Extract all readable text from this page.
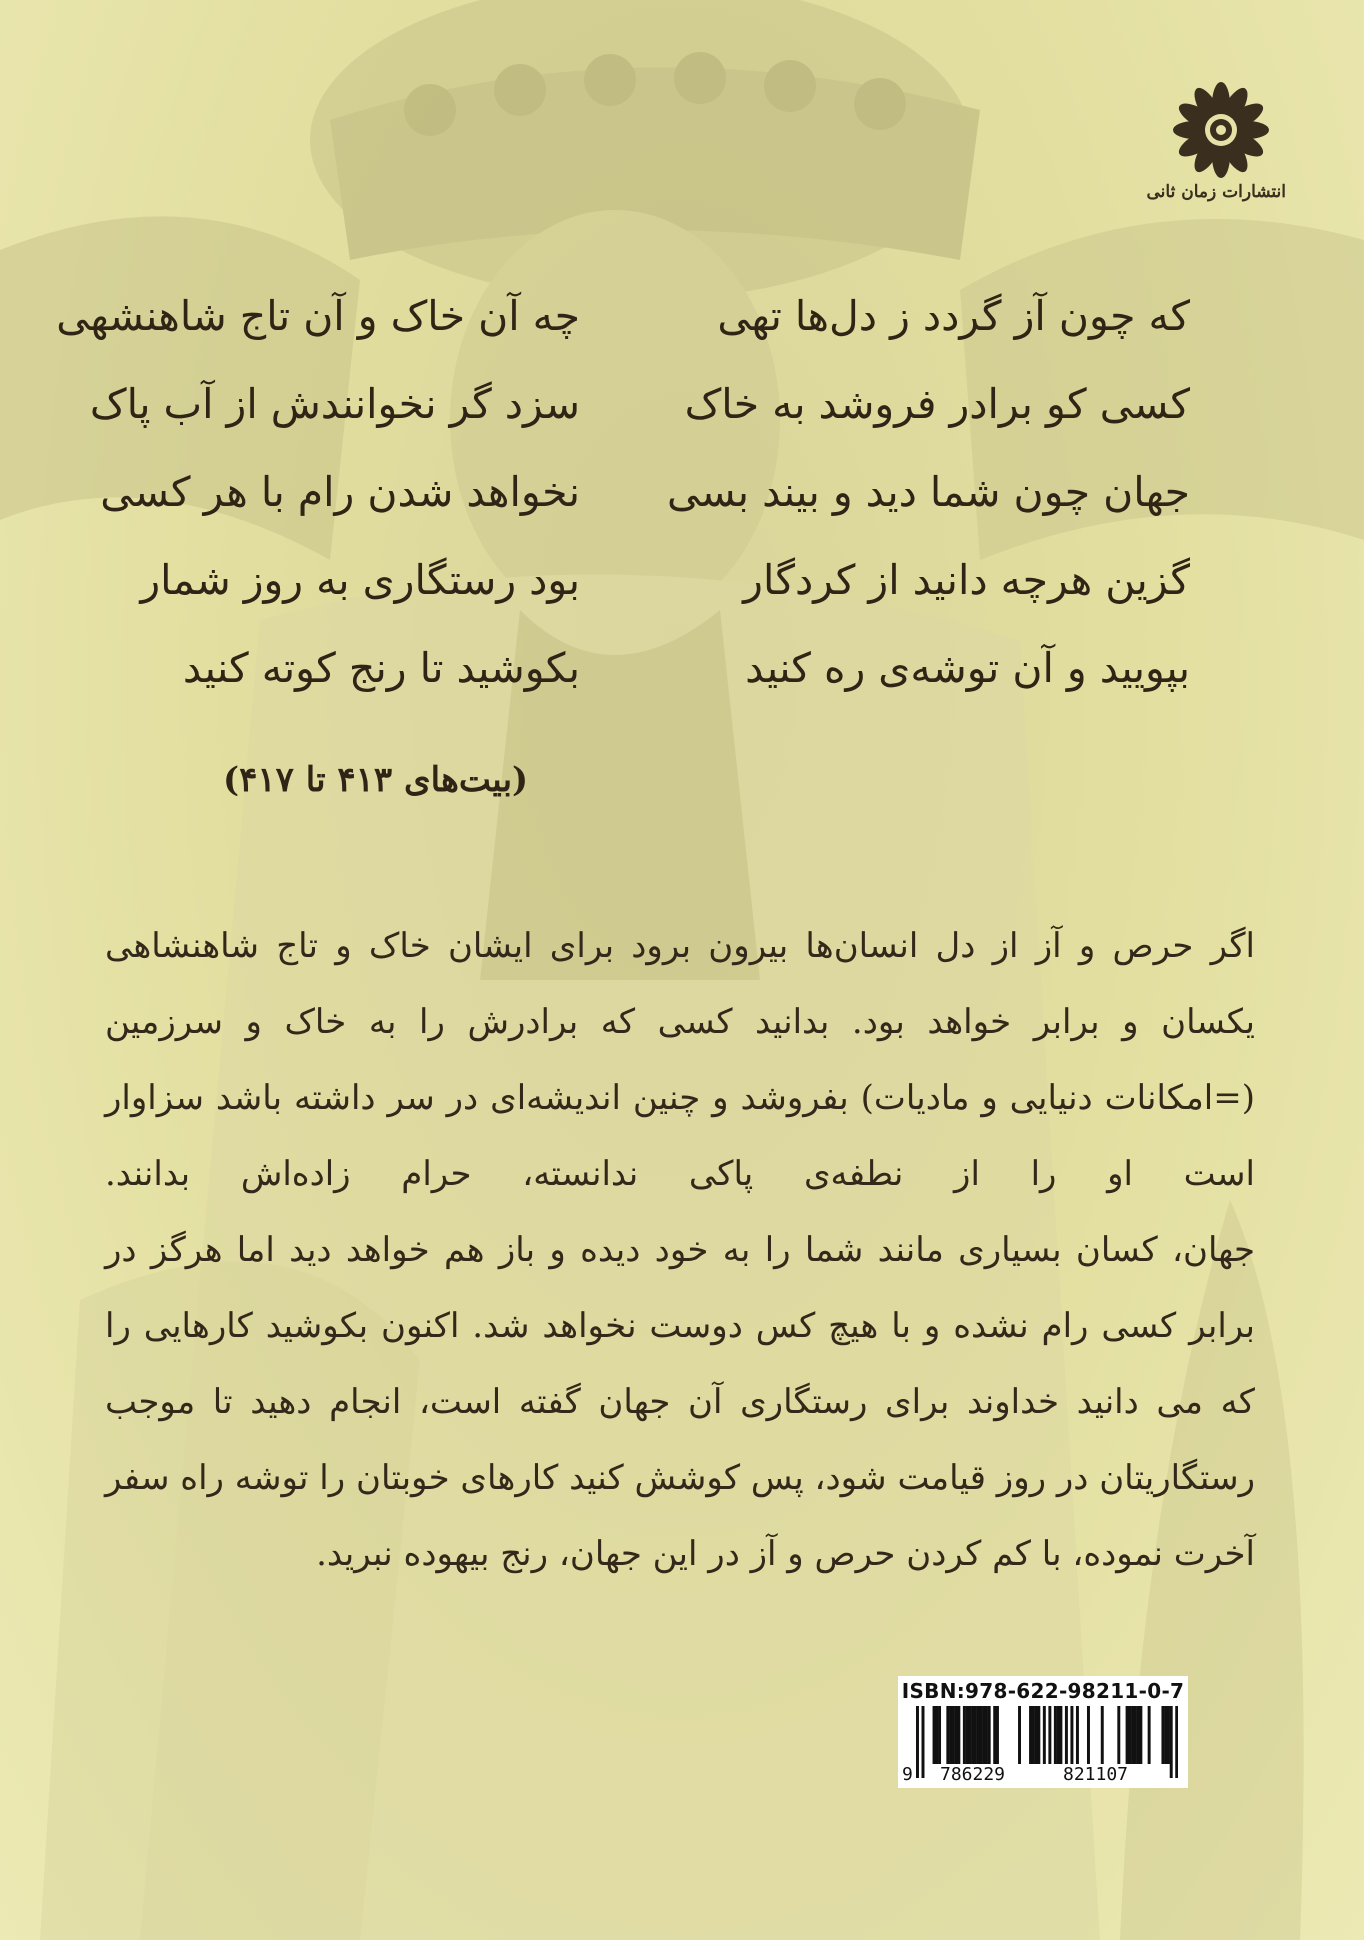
انتشارات زمان ثانی
که چون آز گردد ز دل‌ها تهی
چه آن خاک و آن تاج شاهنشهی
کسی کو برادر فروشد به خاک
سزد گر نخوانندش از آب پاک
جهان چون شما دید و بیند بسی
نخواهد شدن رام با هر کسی
گزین هرچه دانید از کردگار
بود رستگاری به روز شمار
بپویید و آن توشه‌ی ره کنید
بکوشید تا رنج کوته کنید
(بیت‌های ۴۱۳ تا ۴۱۷)

اگر حرص و آز از دل انسان‌ها بیرون برود برای ایشان خاک و تاج شاهنشاهی یکسان و برابر خواهد بود. بدانید کسی که برادرش را به خاک و سرزمین (=امکانات دنیایی و مادیات) بفروشد و چنین اندیشه‌ای در سر داشته باشد سزاوار است او را از نطفه‌ی پاکی ندانسته، حرام زاده‌اش بدانند.

جهان، کسان بسیاری مانند شما را به خود دیده و باز هم خواهد دید اما هرگز در برابر کسی رام نشده و با هیچ کس دوست نخواهد شد. اکنون بکوشید کارهایی را که می دانید خداوند برای رستگاری آن جهان گفته است، انجام دهید تا موجب رستگاریتان در روز قیامت شود، پس کوشش کنید کارهای خوبتان را توشه راه سفر آخرت نموده، با کم کردن حرص و آز در این جهان، رنج بیهوده نبرید.

ISBN:978-622-98211-0-7
9 786229	821107
